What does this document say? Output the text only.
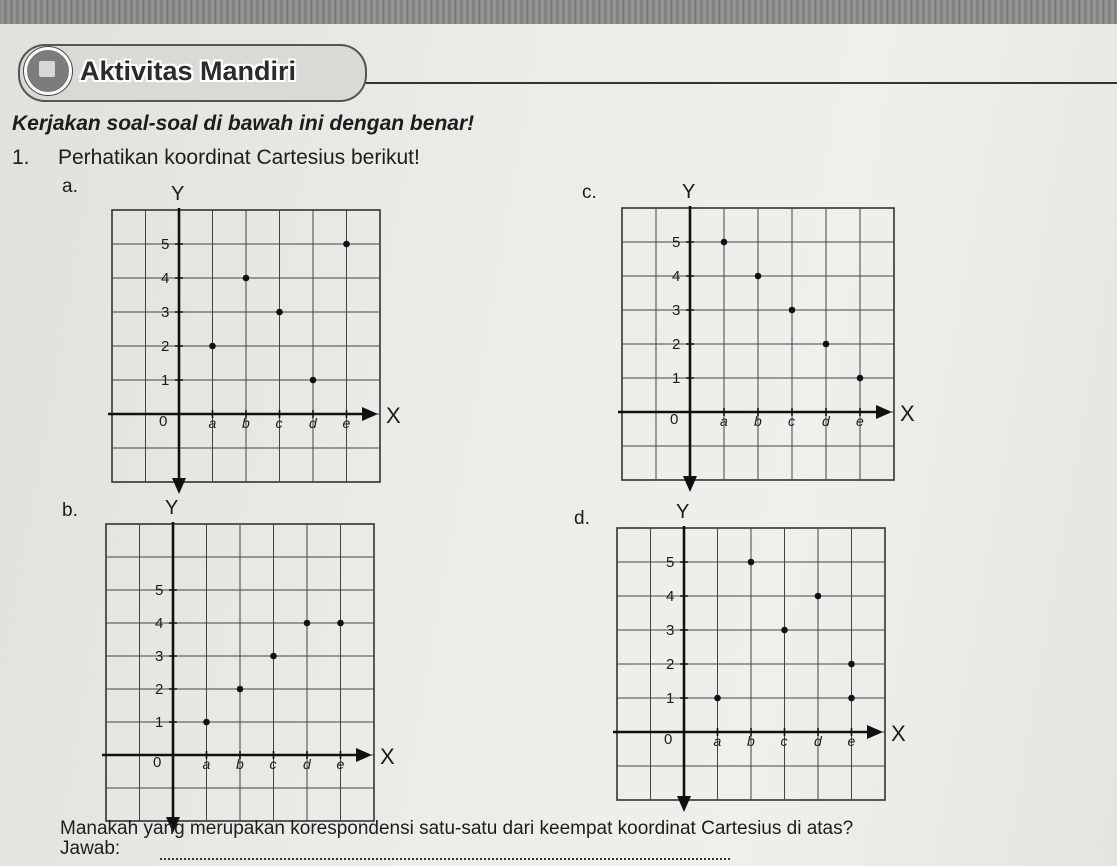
Aktivitas Mandiri
Kerjakan soal-soal di bawah ini dengan benar!
1. Perhatikan koordinat Cartesius berikut!
a.
b.
c.
d.
X
Y
0
1
2
3
4
5
a b c d e
X
Y
0
1
2
3
4
5
a b c d e
X
Y
0
1
2
3
4
5
a b c d e
X
Y
0
1
2
3
4
5
a b c d e
Manakah yang merupakan korespondensi satu-satu dari keempat koordinat Cartesius di atas?
Jawab:
